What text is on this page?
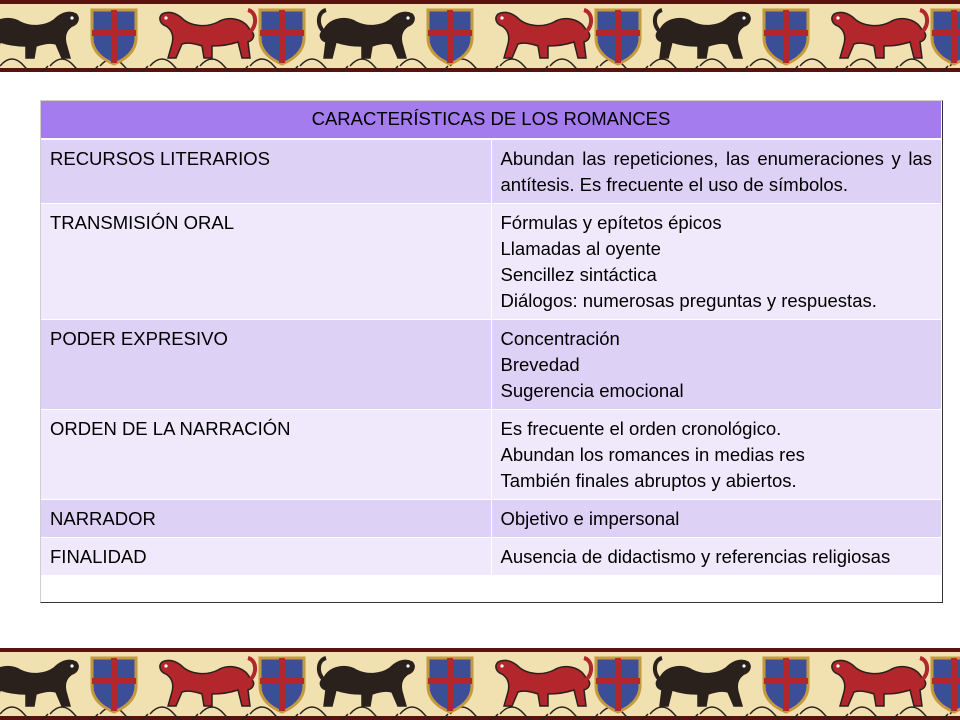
CARACTERÍSTICAS DE LOS ROMANCES	
RECURSOS LITERARIOS	Abundan las repeticiones, las enumeraciones y las antítesis. Es frecuente el uso de símbolos.

TRANSMISIÓN ORAL	Fórmulas y epítetos épicos
Llamadas al oyente
Sencillez sintáctica
Diálogos: numerosas preguntas y respuestas.

PODER EXPRESIVO	Concentración
Brevedad
Sugerencia emocional

ORDEN DE LA NARRACIÓN	Es frecuente el orden cronológico.
Abundan los romances in medias res
También finales abruptos y abiertos.

NARRADOR	Objetivo e impersonal

FINALIDAD	Ausencia de didactismo y referencias religiosas
